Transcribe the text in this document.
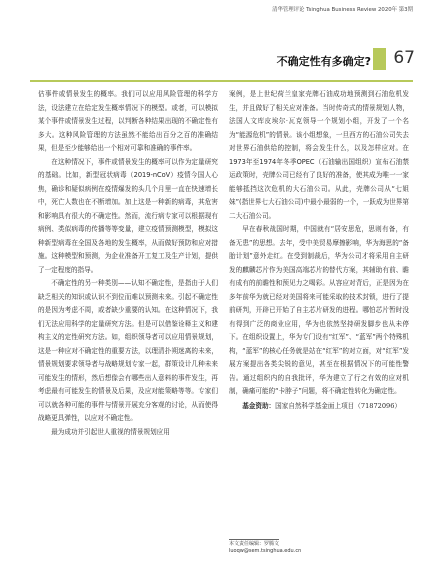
清华管理评论 Tsinghua Business Review 2020年 第3期
不确定性有多确定? 67

估事件或情景发生的概率。我们可以应用风险管理的科学方法，设法建立在给定发生概率情况下的模型。或者，可以模拟某个事件或情景发生过程，以判断各种结果出现的不确定性有多大。这种风险管理的方法虽然不能给出百分之百的准确结果，但是至少能够给出一个相对可靠和准确的事件率。

在这种情况下，事件或情景发生的概率可以作为定量研究的基础。比如，新型冠状病毒（2019-nCoV）疫情今国人心焦，确诊和疑似病例在疫情爆发的头几个月里一直在快速增长中，死亡人数也在不断增加。加上这是一种新的病毒，其危害和影响具有很大的不确定性。然而，流行病专家可以根据现有病例、类似病毒的传播等等变量，建立疫情预测模型，模拟这种新型病毒在全国及各地的发生概率，从而做好预防和应对措施。这种模型和预测，为企业准备开工复工及生产计划，提供了一定程度的指导。

不确定性的另一种类别——认知不确定性，是指由于人们缺乏相关的知识或认识不到位而难以预测未来。引起不确定性的是因为考虑不周，或者缺少重要的认知。在这种情况下，我们无法应用科学的定量研究方法。但是可以借鉴诠释主义和建构主义的定性研究方法。如，组织领导者可以应用情景规划，这是一种应对不确定性的重要方法，以理清扑朔迷离的未来，情景规划要求领导者与战略规划专家一起，群策设计几种未来可能发生的情形，然后想像会有哪些出人意料的事件发生，再考虑最有可能发生的情景及后果，及应对能策略等等。专家们可以就各种可能的事件与情景开展充分客观的讨论，从而使得战略更具弹性，以应对不确定性。

最为成功并引起世人重视的情景规划应用

案例，是上世纪荷兰皇家壳牌石油成功地预测到石油危机发生，并且做好了相关应对准备。当时传奇式的情景规划人物，法国人文库皮埃尔·瓦克领导一个规划小组，开发了一个名为“能源危机”的情景。该小组想象，一旦西方的石油公司失去对世界石油供给的控制，将会发生什么，以及怎样应对。在1973年至1974年冬季OPEC（石油输出国组织）宣布石油禁运政策时，壳牌公司已经有了良好的准备，使其成为唯一一家能够抵挡这次危机的大石油公司。从此，壳牌公司从“七姐妹”(指世界七大石油公司)中最小最弱的一个，一跃成为世界第二大石油公司。

早在春秋战国时期，中国就有“居安思危，思则有备，有备无患”的思想。去年，受中美贸易摩擦影响，华为海思的“备胎计划”意外走红。在受到制裁后，华为公司才将采用自主研发的麒麟芯片作为美国高端芯片的替代方案，其辅助有前、瞻有成有的前瞻性和预见力之喝彩。从容应对背后，正是因为在多年前华为就已经对美国将来可能采取的技术封锁，进行了提前研判，开辟已开始了自主芯片研发的进程。哪怕芯片暂时没有得到广泛的商业应用，华为也依然坚持研发脚步也从未停下。在组织设置上，华为专门设有“红军”、“蓝军”两个特殊机构，“蓝军”的核心任务就是站在“红军”的对立面，对“红军”发展方案提出各类尖锐的意见，甚至在根据情况下的可能性警告。通过组织内的自我批评，华为建立了行之有效的应对机制，确痛可能的“卡脖子”问题，将不确定性转化为确定性。

基金资助：国家自然科学基金面上项目（71872096）
本文责任编辑：罗腾文
luoqw@sem.tsinghua.edu.cn
